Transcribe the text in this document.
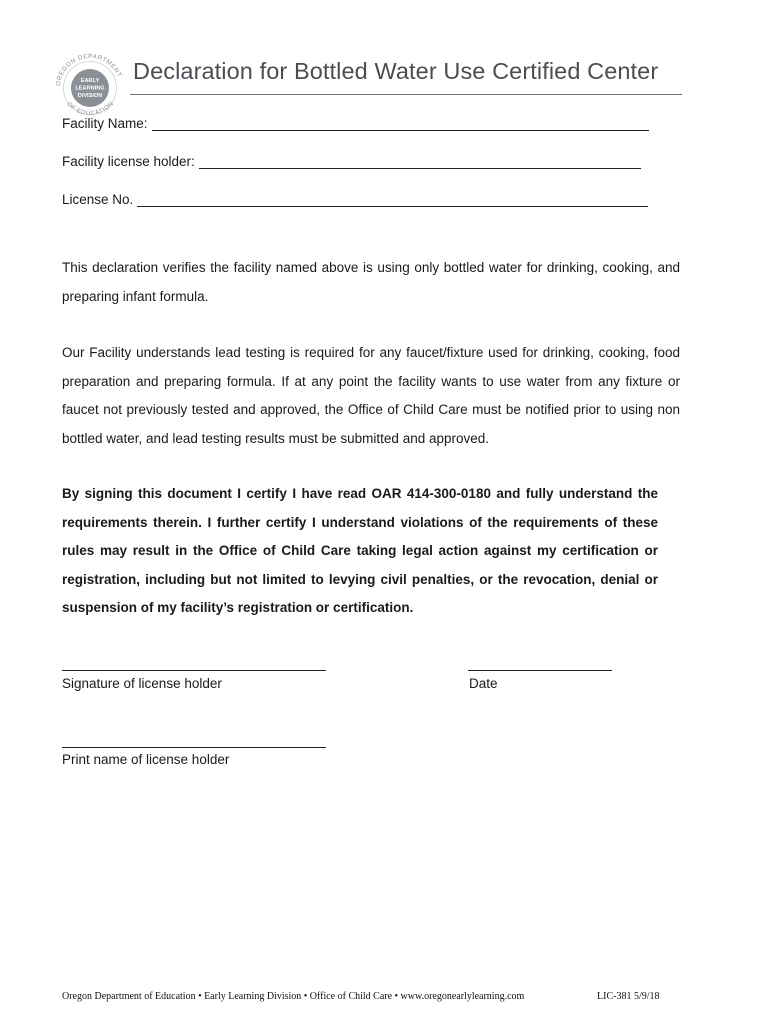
OREGON DEPARTMENT
OF EDUCATION
EARLY
LEARNING
DIVISION
Declaration for Bottled Water Use Certified Center
Facility Name:
Facility license holder:
License No.
This declaration verifies the facility named above is using only bottled water for drinking, cooking, and preparing infant formula.
Our Facility understands lead testing is required for any faucet/fixture used for drinking, cooking, food preparation and preparing formula. If at any point the facility wants to use water from any fixture or faucet not previously tested and approved, the Office of Child Care must be notified prior to using non bottled water, and lead testing results must be submitted and approved.
By signing this document I certify I have read OAR 414-300-0180 and fully understand the requirements therein. I further certify I understand violations of the requirements of these rules may result in the Office of Child Care taking legal action against my certification or registration, including but not limited to levying civil penalties, or the revocation, denial or suspension of my facility’s registration or certification.
Signature of license holder	Date
Print name of license holder
Oregon Department of Education • Early Learning Division • Office of Child Care • www.oregonearlylearning.com	LIC-381 5/9/18
